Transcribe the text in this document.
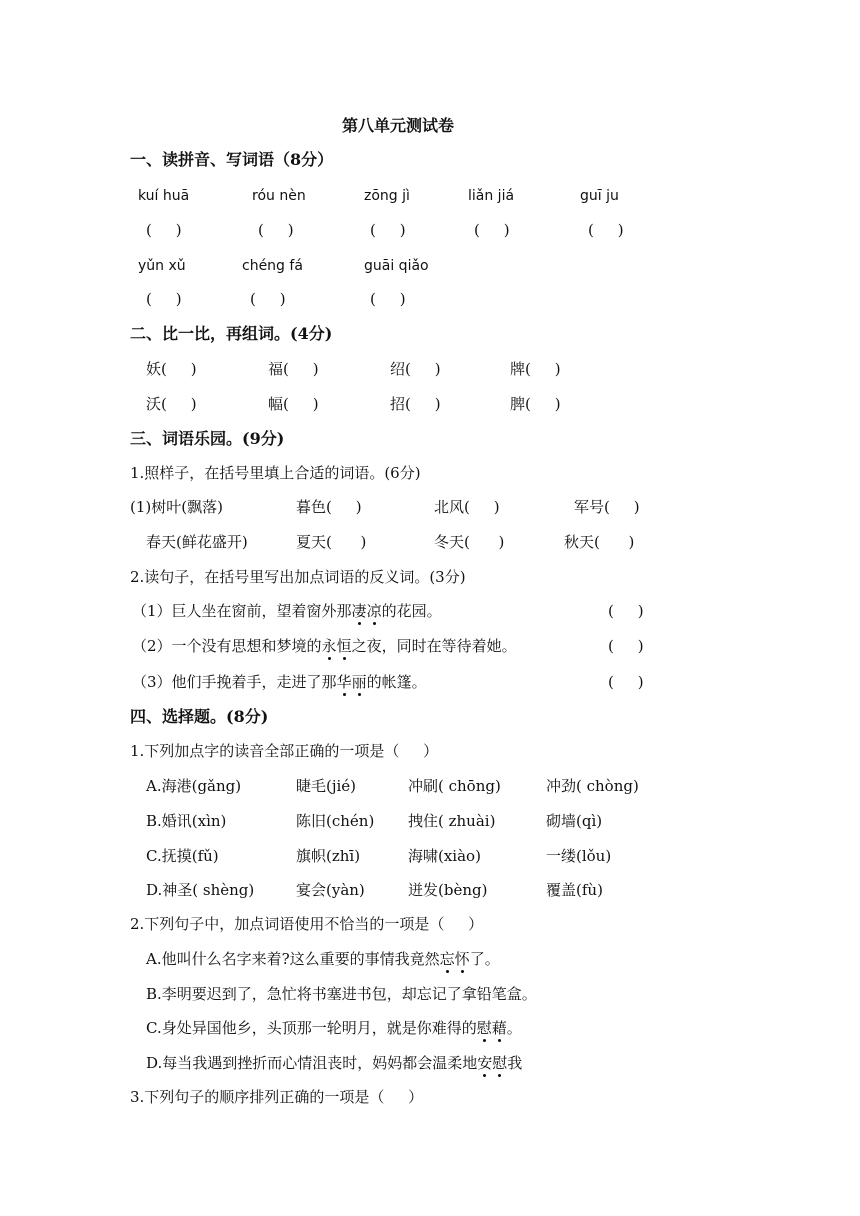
第八单元测试卷
一、读拼音、写词语（8分）
kuí huā	róu nèn	zōng jì	liǎn jiá	guī ju
(     )	(     )	(     )	(     )	(     )
yǔn xǔ	chéng fá	guāi qiǎo
(     )	(     )	(     )
二、比一比，再组词。(4分)
妖(     )	福(     )	绍(     )	牌(     )
沃(     )	幅(     )	招(     )	脾(     )
三、词语乐园。(9分)
1.照样子，在括号里填上合适的词语。(6分)
(1)树叶(飘落)	暮色(     )	北风(     )	军号(     )
春天(鲜花盛开)	夏天(      )	冬天(      )	秋天(      )
2.读句子，在括号里写出加点词语的反义词。(3分)
（1）巨人坐在窗前，望着窗外那凄凉的花园。	(     )
（2）一个没有思想和梦境的永恒之夜，同时在等待着她。	(     )
（3）他们手挽着手，走进了那华丽的帐篷。	(     )
四、选择题。(8分)
1.下列加点字的读音全部正确的一项是（     ）
A.海港(gǎng)	睫毛(jié)	冲刷( chōng)	冲劲( chòng)
B.婚讯(xìn)	陈旧(chén) 拽住( zhuài)	砌墙(qì)
C.抚摸(fǔ)	旗帜(zhī)	海啸(xiào)	一缕(lǒu)
D.神圣( shèng)	宴会(yàn)	迸发(bèng)	覆盖(fù)
2.下列句子中，加点词语使用不恰当的一项是（     ）
A.他叫什么名字来着?这么重要的事情我竟然忘怀了。
B.李明要迟到了，急忙将书塞进书包，却忘记了拿铅笔盒。
C.身处异国他乡，头顶那一轮明月，就是你难得的慰藉。
D.每当我遇到挫折而心情沮丧时，妈妈都会温柔地安慰我
3.下列句子的顺序排列正确的一项是（     ）
